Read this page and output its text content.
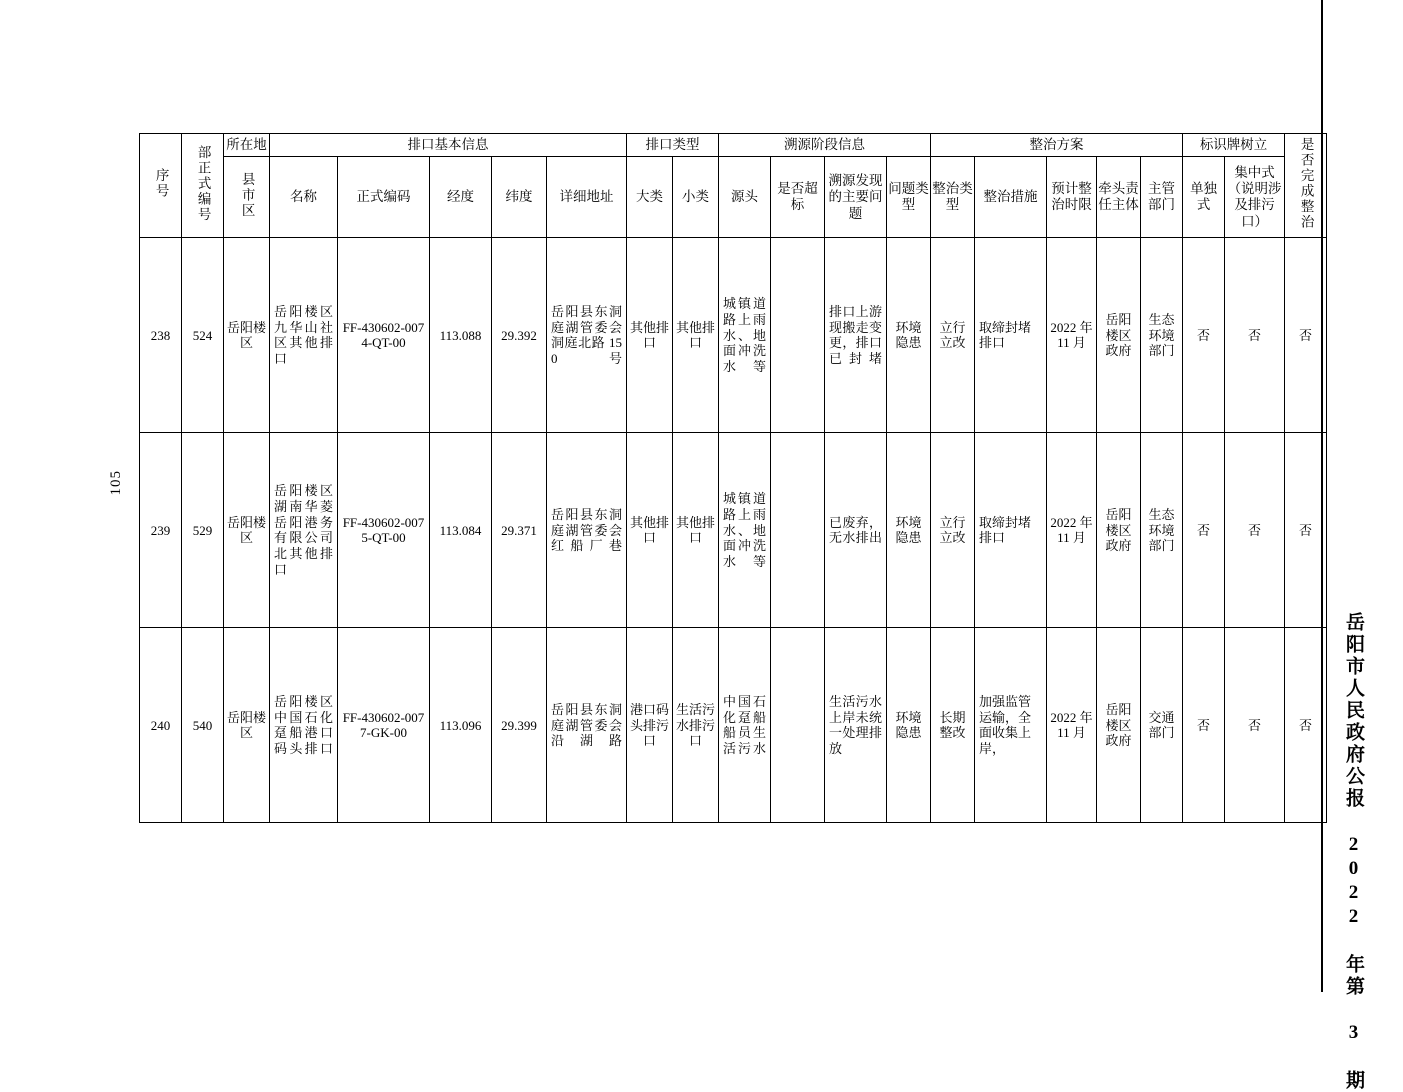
105
岳阳市人民政府公报 2022 年第 3 期
序号	部正式编号	所在地	排口基本信息					排口类型		溯源阶段信息				整治方案					标识牌树立		是否完成整治
		县市区	名称	正式编码	经度	纬度	详细地址	大类	小类	源头	是否超标	溯源发现的主要问题	问题类型	整治类型	整治措施	预计整治时限	牵头责任主体	主管部门	单独式	集中式（说明涉及排污口）	

238	524	岳阳楼区	岳阳楼区九华山社区其他排口	FF-430602-0074-QT-00	113.088	29.392	岳阳县东洞庭湖管委会洞庭北路 150 号	其他排口	其他排口	城镇道路上雨水、地面冲洗水等		排口上游现搬走变更，排口已封堵	环境隐患	立行立改	取缔封堵排口	2022 年 11 月	岳阳楼区政府	生态环境部门	否	否	否
239	529	岳阳楼区	岳阳楼区湖南华菱岳阳港务有限公司北其他排口	FF-430602-0075-QT-00	113.084	29.371	岳阳县东洞庭湖管委会红船厂巷	其他排口	其他排口	城镇道路上雨水、地面冲洗水等		已废弃，无水排出	环境隐患	立行立改	取缔封堵排口	2022 年 11 月	岳阳楼区政府	生态环境部门	否	否	否
240	540	岳阳楼区	岳阳楼区中国石化趸船港口码头排口	FF-430602-0077-GK-00	113.096	29.399	岳阳县东洞庭湖管委会沿湖路	港口码头排污口	生活污水排污口	中国石化趸船船员生活污水		生活污水上岸未统一处理排放	环境隐患	长期整改	加强监管运输，全面收集上岸，	2022 年 11 月	岳阳楼区政府	交通部门	否	否	否
